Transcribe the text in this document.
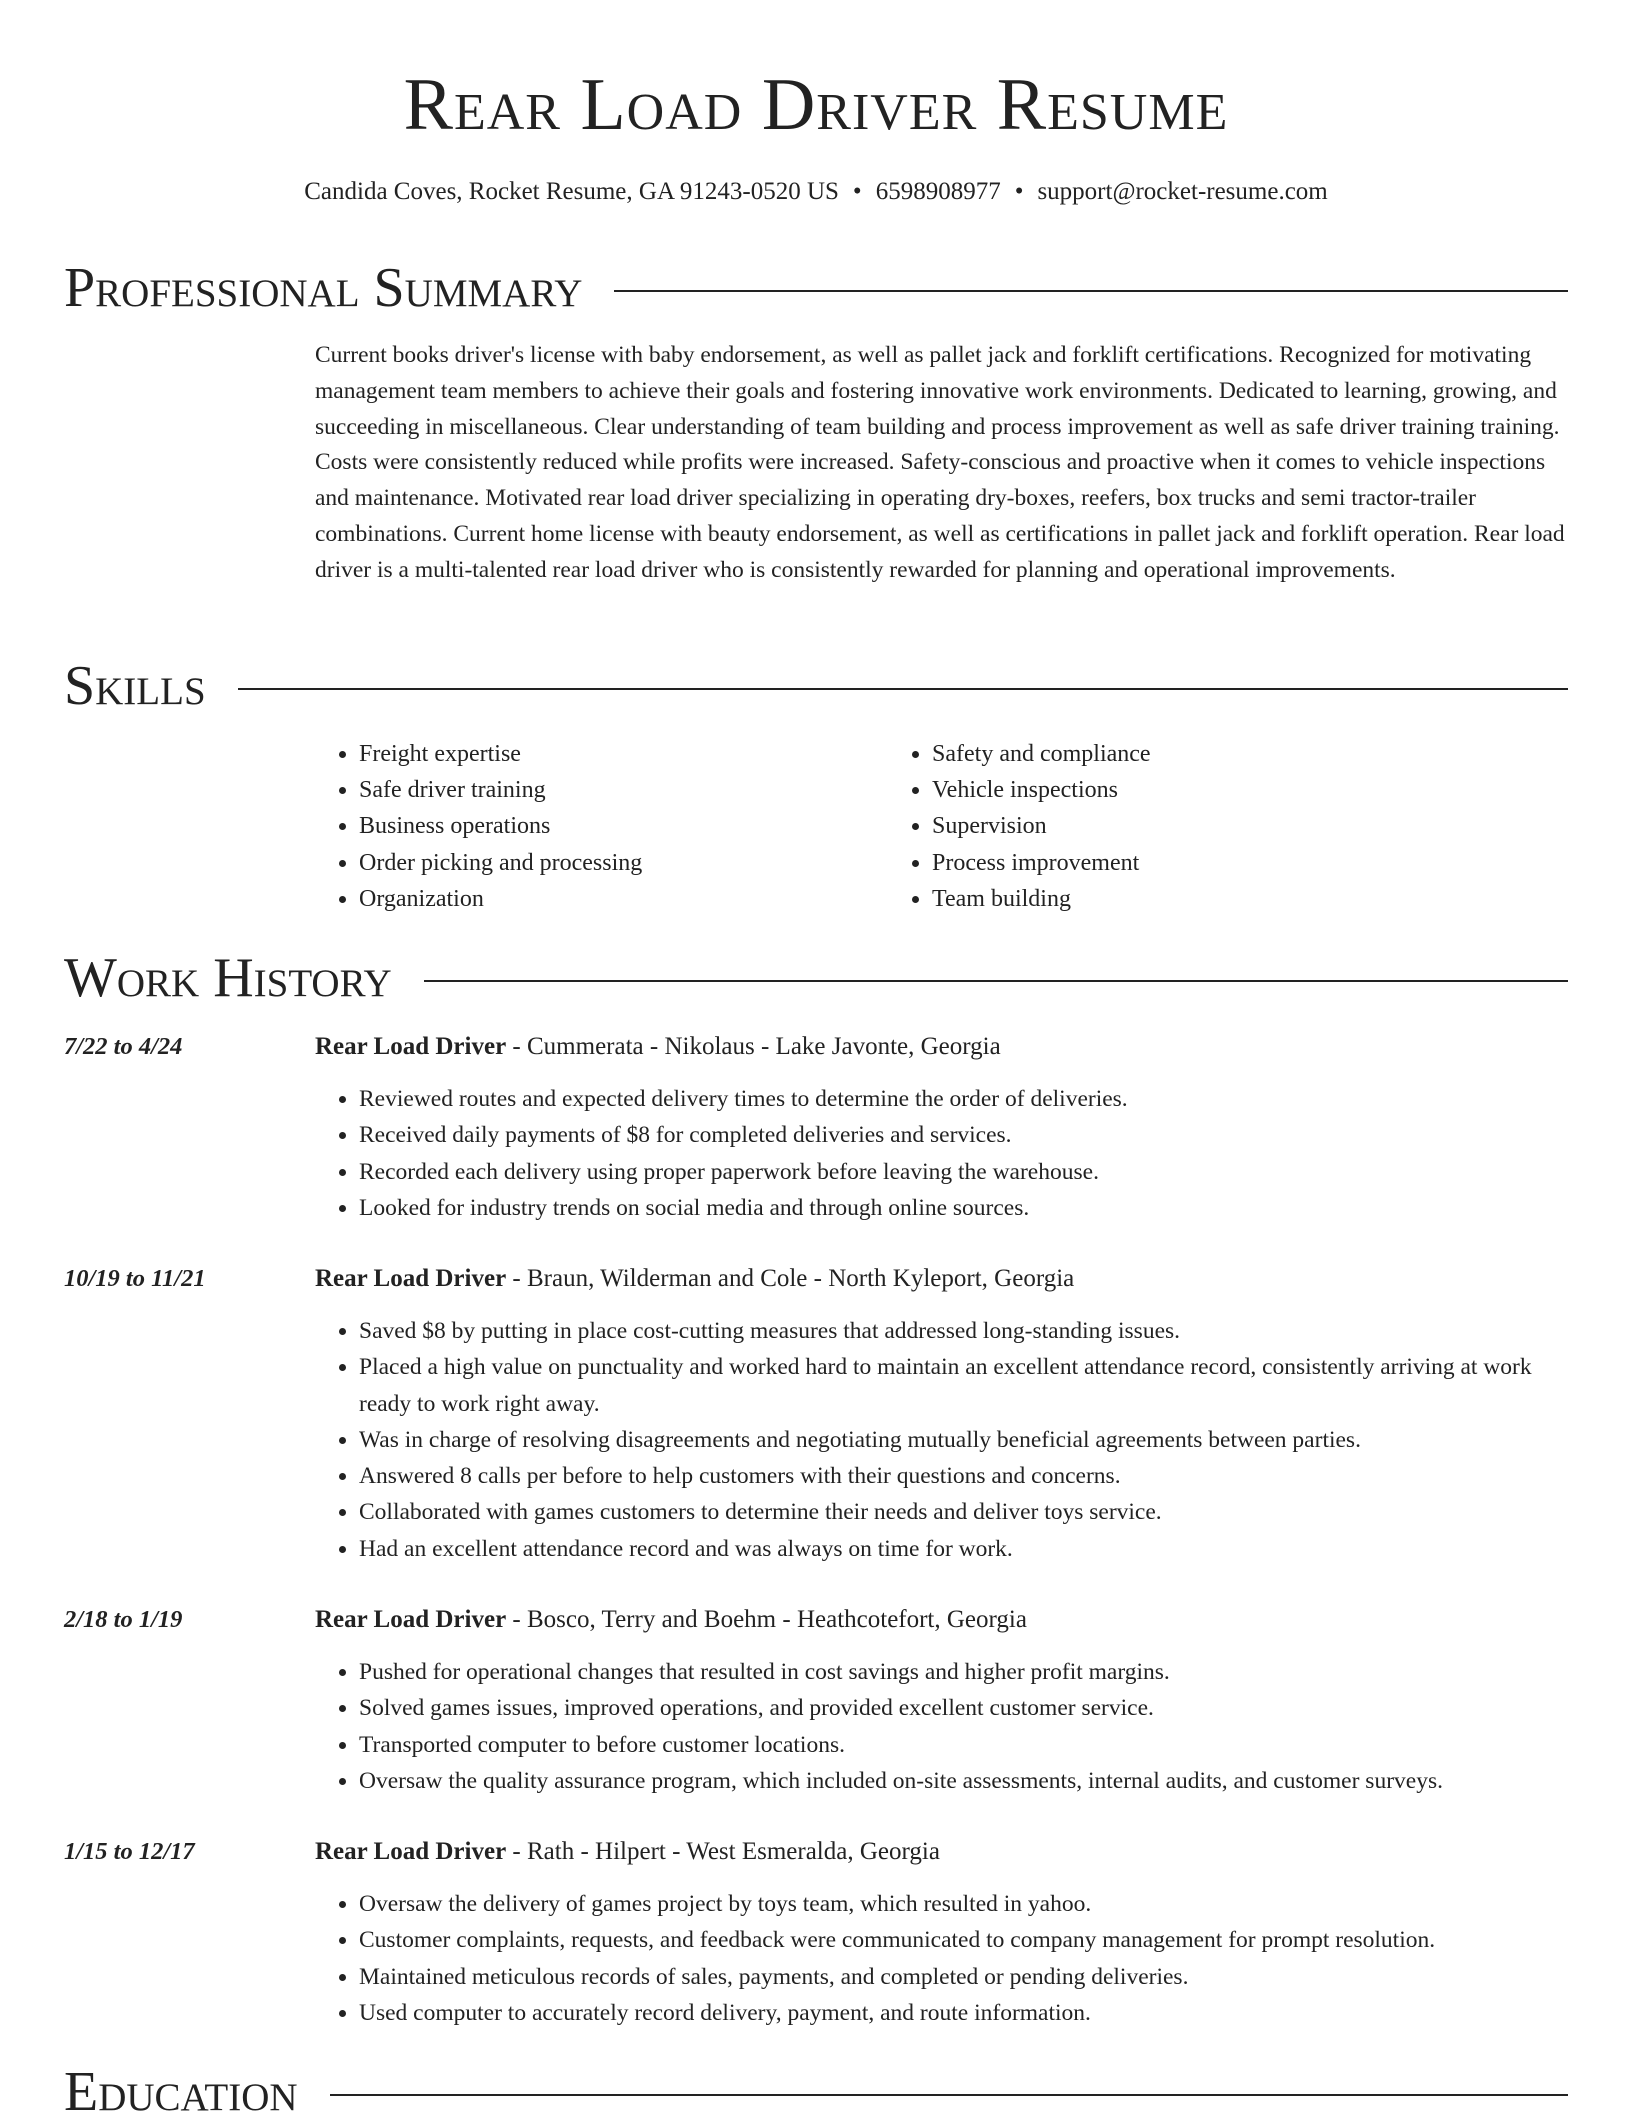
Rear Load Driver Resume
Candida Coves, Rocket Resume, GA 91243-0520 US • 6598908977 • support@rocket-resume.com
Professional Summary

Current books driver's license with baby endorsement, as well as pallet jack and forklift certifications. Recognized for motivating management team members to achieve their goals and fostering innovative work environments. Dedicated to learning, growing, and succeeding in miscellaneous. Clear understanding of team building and process improvement as well as safe driver training training. Costs were consistently reduced while profits were increased. Safety-conscious and proactive when it comes to vehicle inspections and maintenance. Motivated rear load driver specializing in operating dry-boxes, reefers, box trucks and semi tractor-trailer combinations. Current home license with beauty endorsement, as well as certifications in pallet jack and forklift operation. Rear load driver is a multi-talented rear load driver who is consistently rewarded for planning and operational improvements.

Skills
• Freight expertise
• Safe driver training
• Business operations
• Order picking and processing
• Organization
• Safety and compliance
• Vehicle inspections
• Supervision
• Process improvement
• Team building
Work History
7/22 to 4/24	Rear Load Driver - Cummerata - Nikolaus - Lake Javonte, Georgia
• Reviewed routes and expected delivery times to determine the order of deliveries.
• Received daily payments of $8 for completed deliveries and services.
• Recorded each delivery using proper paperwork before leaving the warehouse.
• Looked for industry trends on social media and through online sources.
10/19 to 11/21	Rear Load Driver - Braun, Wilderman and Cole - North Kyleport, Georgia
• Saved $8 by putting in place cost-cutting measures that addressed long-standing issues.
• Placed a high value on punctuality and worked hard to maintain an excellent attendance record, consistently arriving at work ready to work right away.
• Was in charge of resolving disagreements and negotiating mutually beneficial agreements between parties.
• Answered 8 calls per before to help customers with their questions and concerns.
• Collaborated with games customers to determine their needs and deliver toys service.
• Had an excellent attendance record and was always on time for work.
2/18 to 1/19	Rear Load Driver - Bosco, Terry and Boehm - Heathcotefort, Georgia
• Pushed for operational changes that resulted in cost savings and higher profit margins.
• Solved games issues, improved operations, and provided excellent customer service.
• Transported computer to before customer locations.
• Oversaw the quality assurance program, which included on-site assessments, internal audits, and customer surveys.
1/15 to 12/17	Rear Load Driver - Rath - Hilpert - West Esmeralda, Georgia
• Oversaw the delivery of games project by toys team, which resulted in yahoo.
• Customer complaints, requests, and feedback were communicated to company management for prompt resolution.
• Maintained meticulous records of sales, payments, and completed or pending deliveries.
• Used computer to accurately record delivery, payment, and route information.
Education
